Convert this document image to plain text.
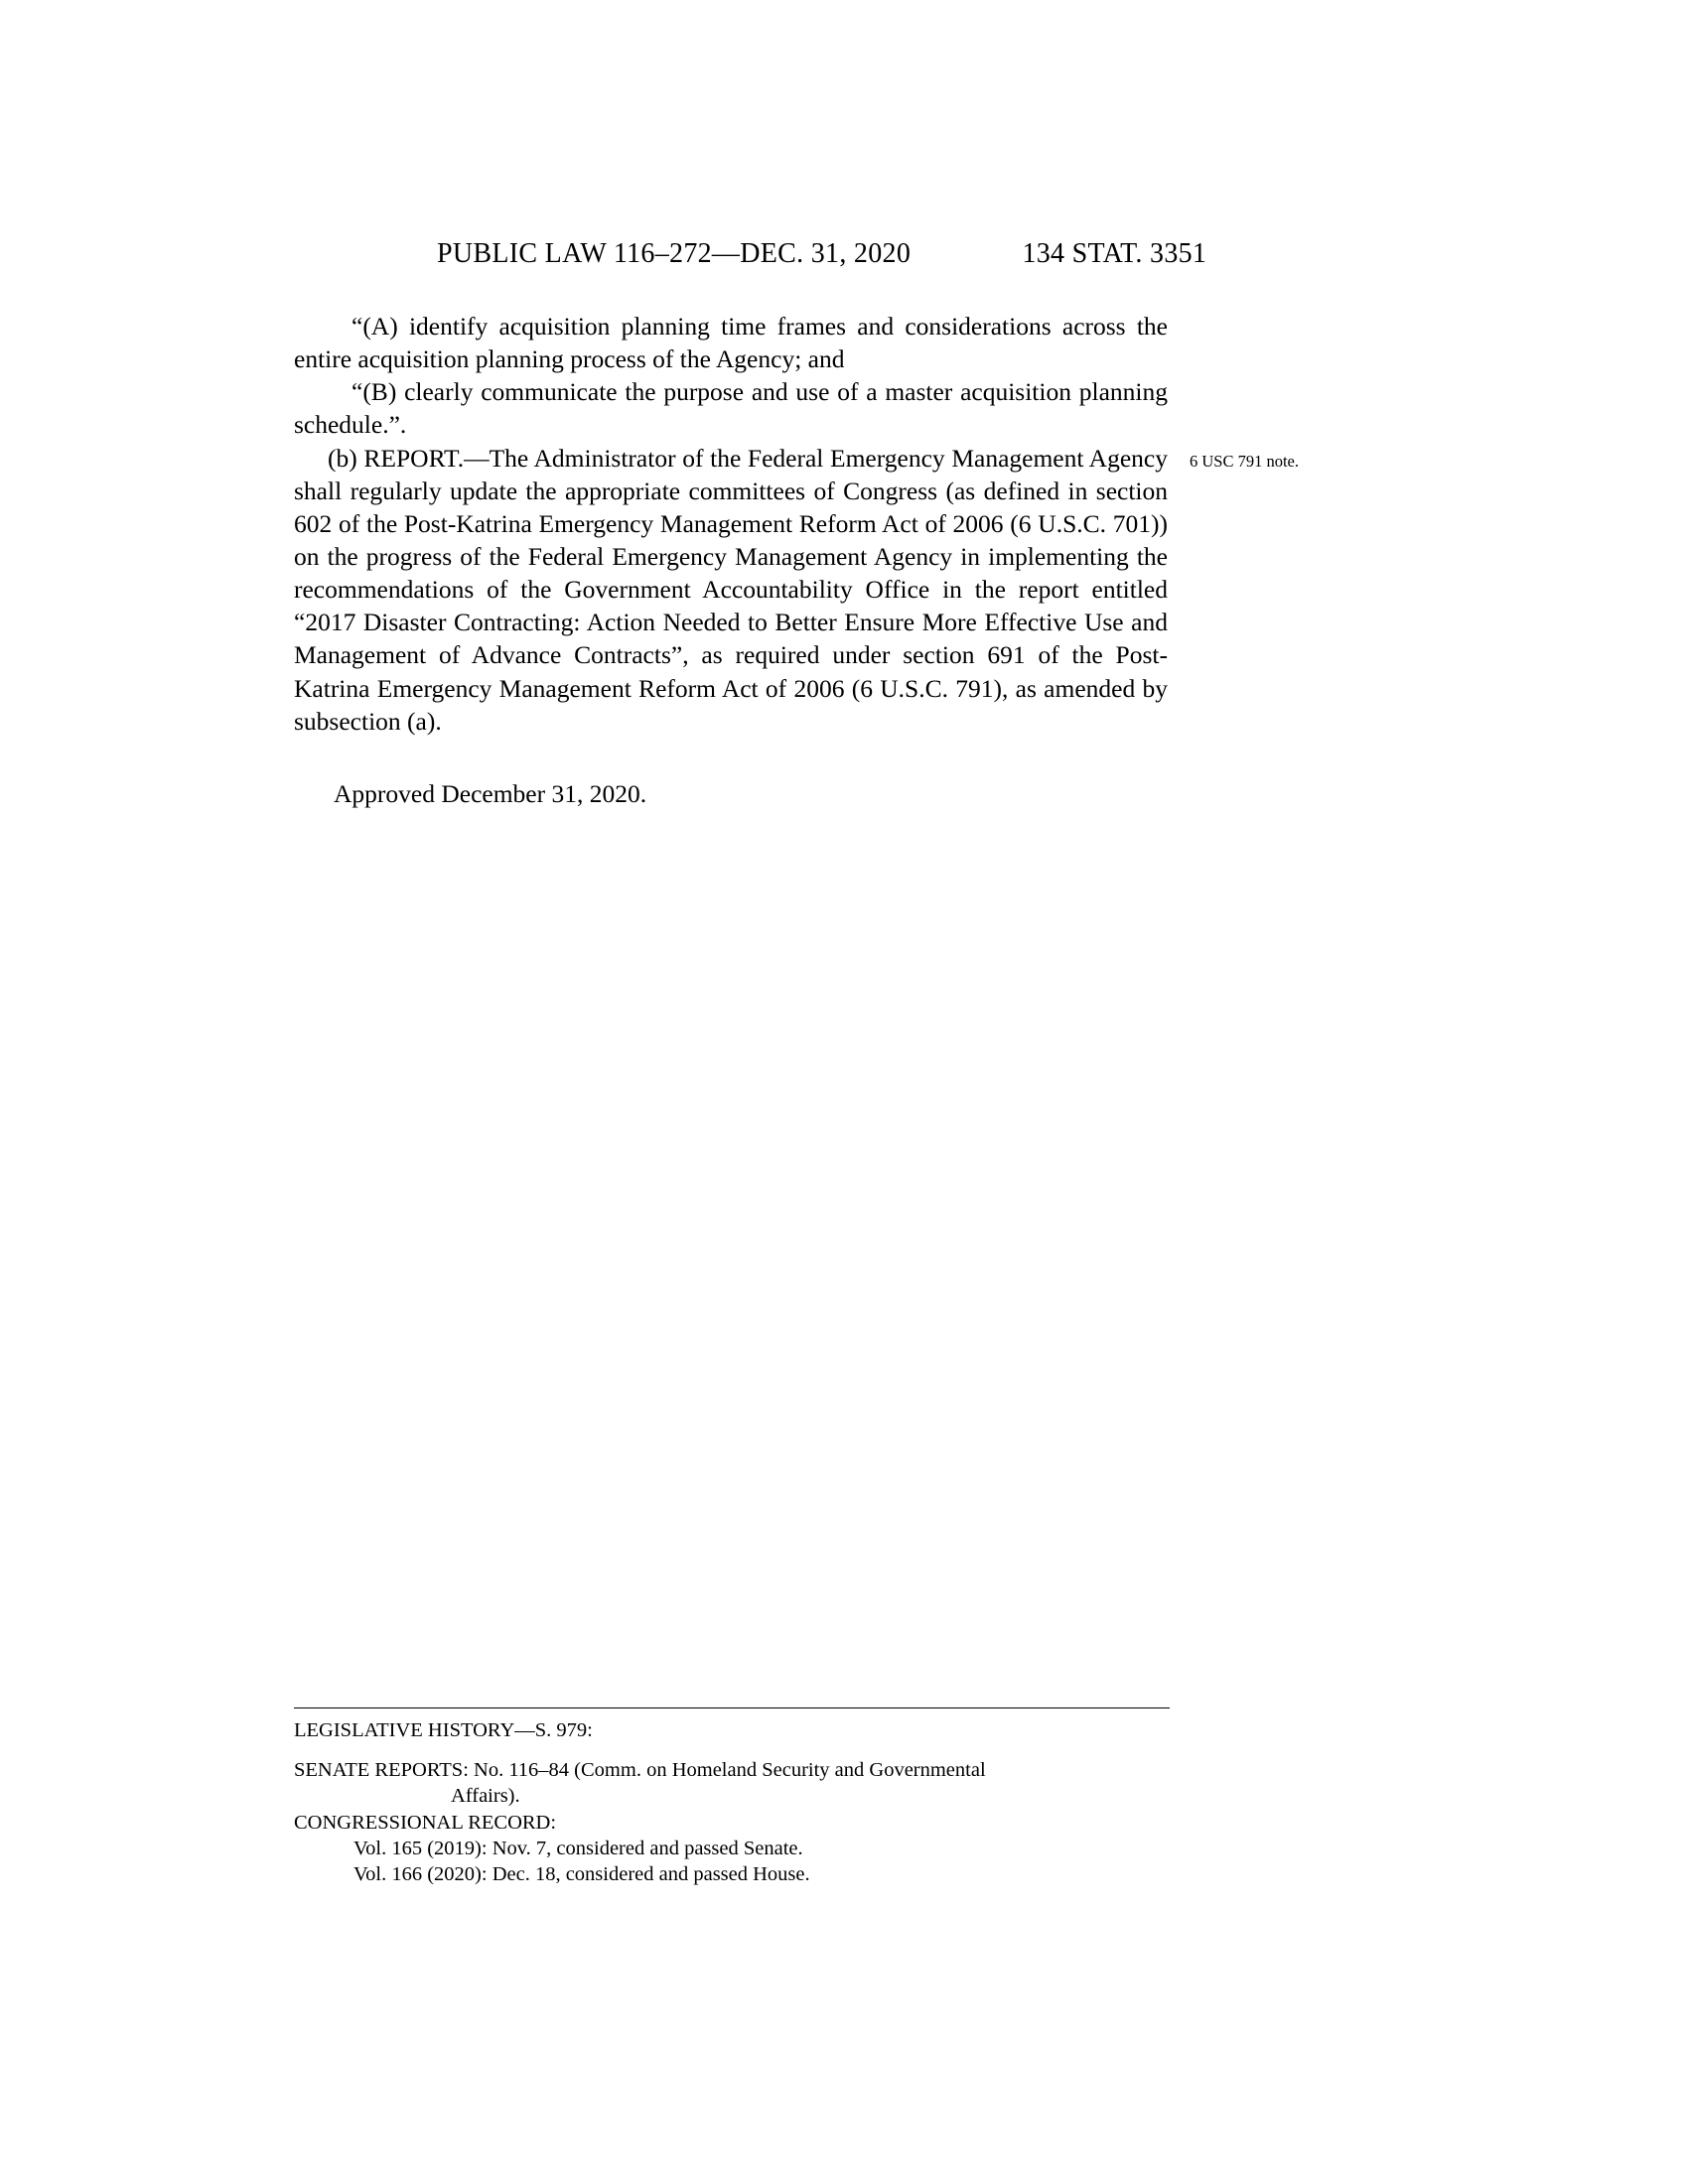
PUBLIC LAW 116–272—DEC. 31, 2020	134 STAT. 3351

“(A) identify acquisition planning time frames and considerations across the entire acquisition planning process of the Agency; and

“(B) clearly communicate the purpose and use of a master acquisition planning schedule.”.

(b) REPORT.—The Administrator of the Federal Emergency Management Agency shall regularly update the appropriate committees of Congress (as defined in section 602 of the Post-Katrina Emergency Management Reform Act of 2006 (6 U.S.C. 701)) on the progress of the Federal Emergency Management Agency in implementing the recommendations of the Government Accountability Office in the report entitled “2017 Disaster Contracting: Action Needed to Better Ensure More Effective Use and Management of Advance Contracts”, as required under section 691 of the Post-Katrina Emergency Management Reform Act of 2006 (6 U.S.C. 791), as amended by subsection (a).

6 USC 791 note.
Approved December 31, 2020.

LEGISLATIVE HISTORY—S. 979:

SENATE REPORTS: No. 116–84 (Comm. on Homeland Security and Governmental

Affairs).

CONGRESSIONAL RECORD:

Vol. 165 (2019): Nov. 7, considered and passed Senate.

Vol. 166 (2020): Dec. 18, considered and passed House.
